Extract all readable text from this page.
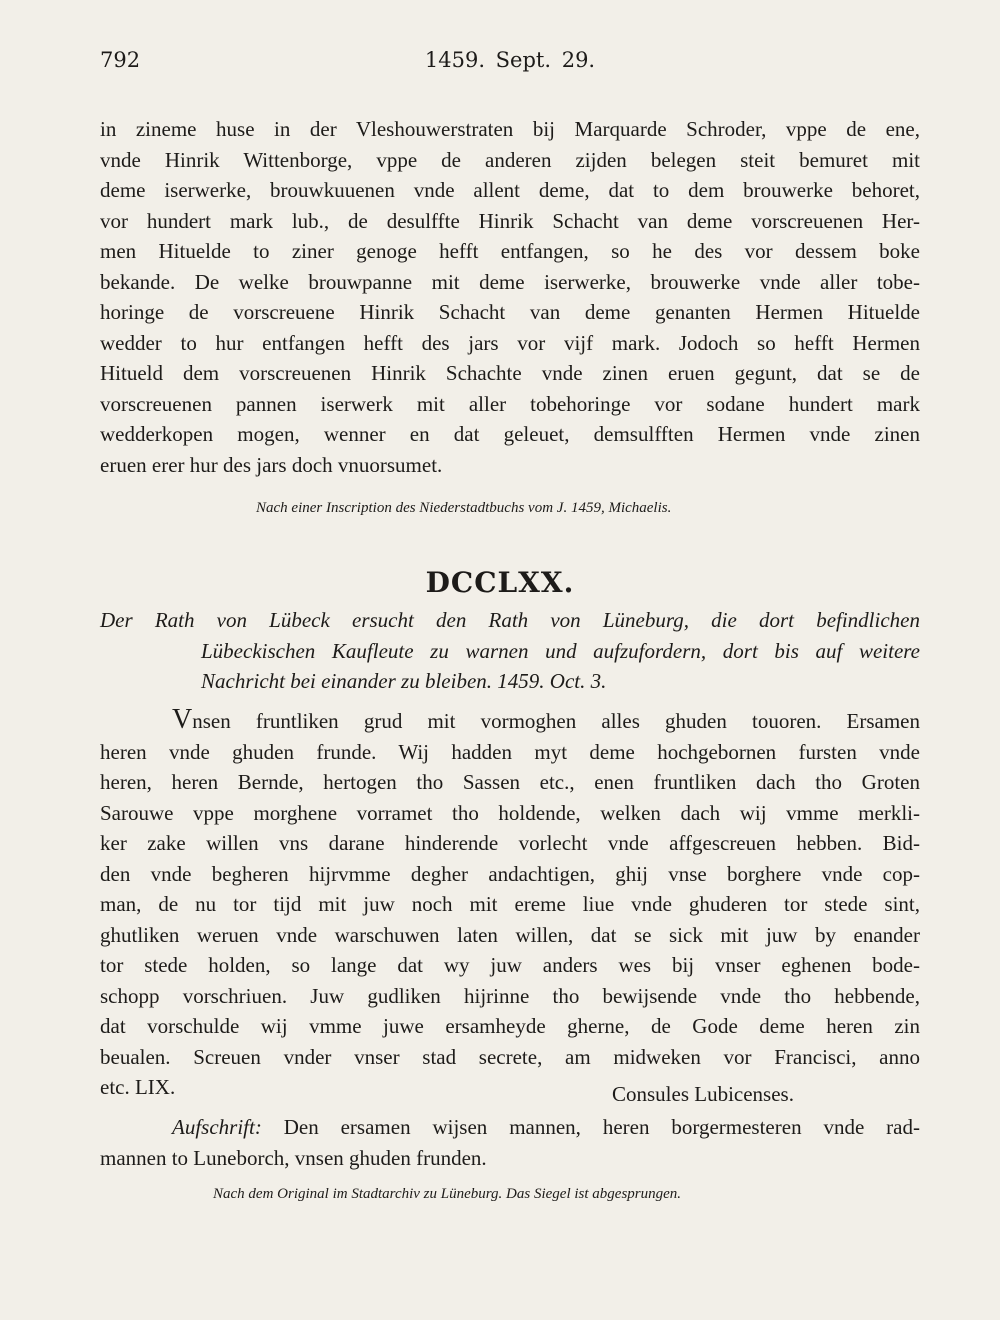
792	1459. Sept. 29.
in zineme huse in der Vleshouwerstraten bij Marquarde Schroder, vppe de ene,
vnde Hinrik Wittenborge, vppe de anderen zijden belegen steit bemuret mit
deme iserwerke, brouwkuuenen vnde allent deme, dat to dem brouwerke behoret,
vor hundert mark lub., de desulffte Hinrik Schacht van deme vorscreuenen Her-
men Hituelde to ziner genoge hefft entfangen, so he des vor dessem boke
bekande. De welke brouwpanne mit deme iserwerke, brouwerke vnde aller tobe-
horinge de vorscreuene Hinrik Schacht van deme genanten Hermen Hituelde
wedder to hur entfangen hefft des jars vor vijf mark. Jodoch so hefft Hermen
Hitueld dem vorscreuenen Hinrik Schachte vnde zinen eruen gegunt, dat se de
vorscreuenen pannen iserwerk mit aller tobehoringe vor sodane hundert mark
wedderkopen mogen, wenner en dat geleuet, demsulfften Hermen vnde zinen
eruen erer hur des jars doch vnuorsumet.
Nach einer Inscription des Niederstadtbuchs vom J. 1459, Michaelis.
DCCLXX.
Der Rath von Lübeck ersucht den Rath von Lüneburg, die dort befindlichen
Lübeckischen Kaufleute zu warnen und aufzufordern, dort bis auf weitere
Nachricht bei einander zu bleiben. 1459. Oct. 3.
Vnsen fruntliken grud mit vormoghen alles ghuden touoren. Ersamen
heren vnde ghuden frunde. Wij hadden myt deme hochgebornen fursten vnde
heren, heren Bernde, hertogen tho Sassen etc., enen fruntliken dach tho Groten
Sarouwe vppe morghene vorramet tho holdende, welken dach wij vmme merkli-
ker zake willen vns darane hinderende vorlecht vnde affgescreuen hebben. Bid-
den vnde begheren hijrvmme degher andachtigen, ghij vnse borghere vnde cop-
man, de nu tor tijd mit juw noch mit ereme liue vnde ghuderen tor stede sint,
ghutliken weruen vnde warschuwen laten willen, dat se sick mit juw by enander
tor stede holden, so lange dat wy juw anders wes bij vnser eghenen bode-
schopp vorschriuen. Juw gudliken hijrinne tho bewijsende vnde tho hebbende,
dat vorschulde wij vmme juwe ersamheyde gherne, de Gode deme heren zin
beualen. Screuen vnder vnser stad secrete, am midweken vor Francisci, anno
etc. LIX.	Consules Lubicenses.
Aufschrift: Den ersamen wijsen mannen, heren borgermesteren vnde rad-
mannen to Luneborch, vnsen ghuden frunden.
Nach dem Original im Stadtarchiv zu Lüneburg. Das Siegel ist abgesprungen.
